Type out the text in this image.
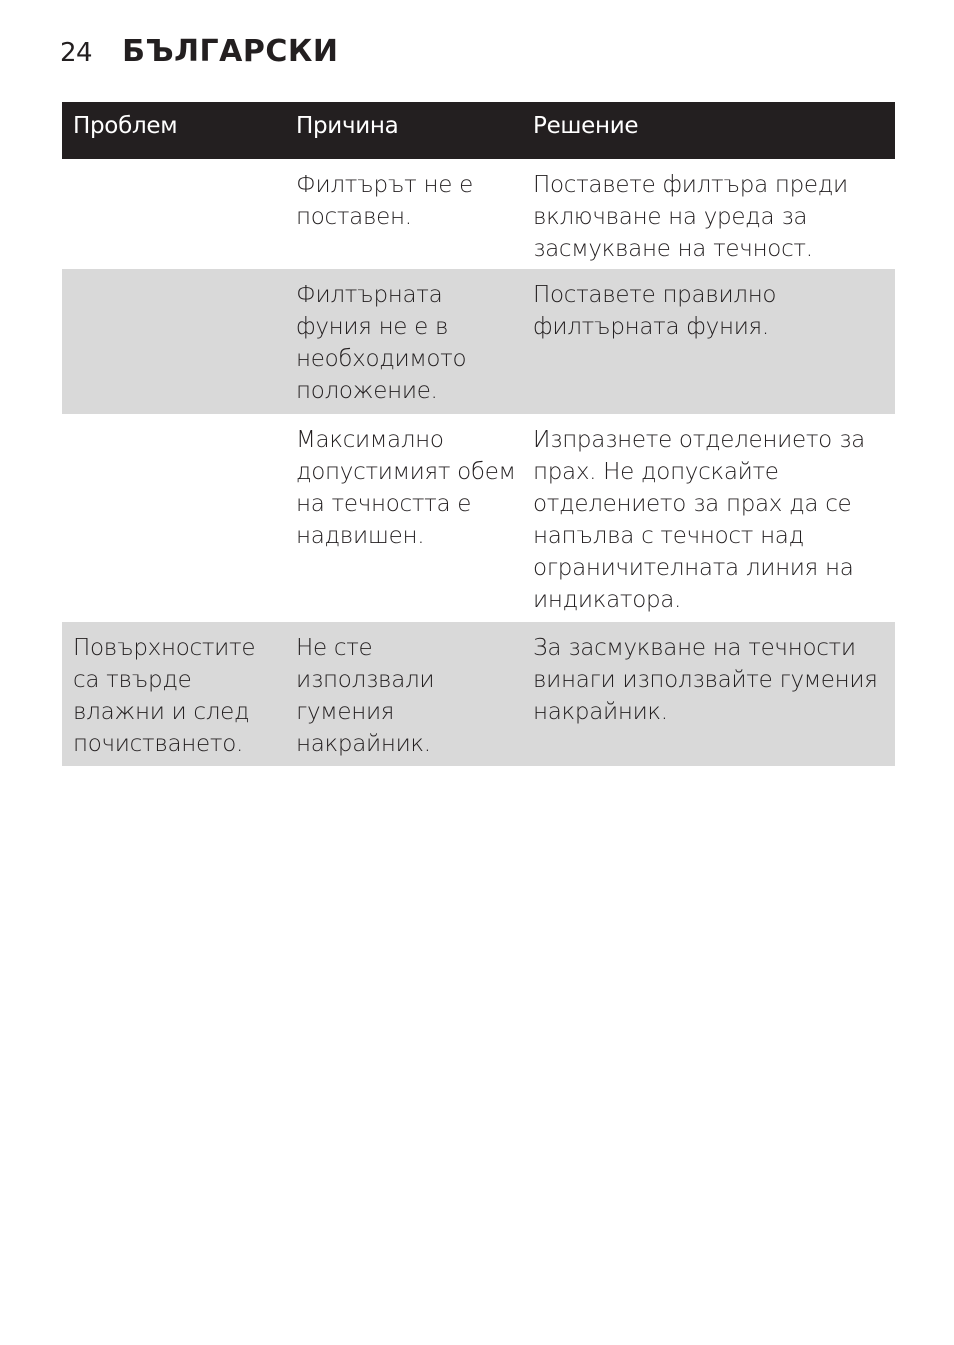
24 БЪЛГАРСКИ
Проблем	Причина	Решение
Филтърът не е поставен.
Поставете филтъра преди включване на уреда за засмукване на течност.
Филтърната фуния не е в необходимото положение.
Поставете правилно филтърната фуния.
Максимално допустимият обем на течността е надвишен.
Изпразнете отделението за прах. Не допускайте отделението за прах да се напълва с течност над ограничителната линия на индикатора.
Повърхностите са твърде влажни и след почистването.
Не сте използвали гумения накрайник.
За засмукване на течности винаги използвайте гумения накрайник.
